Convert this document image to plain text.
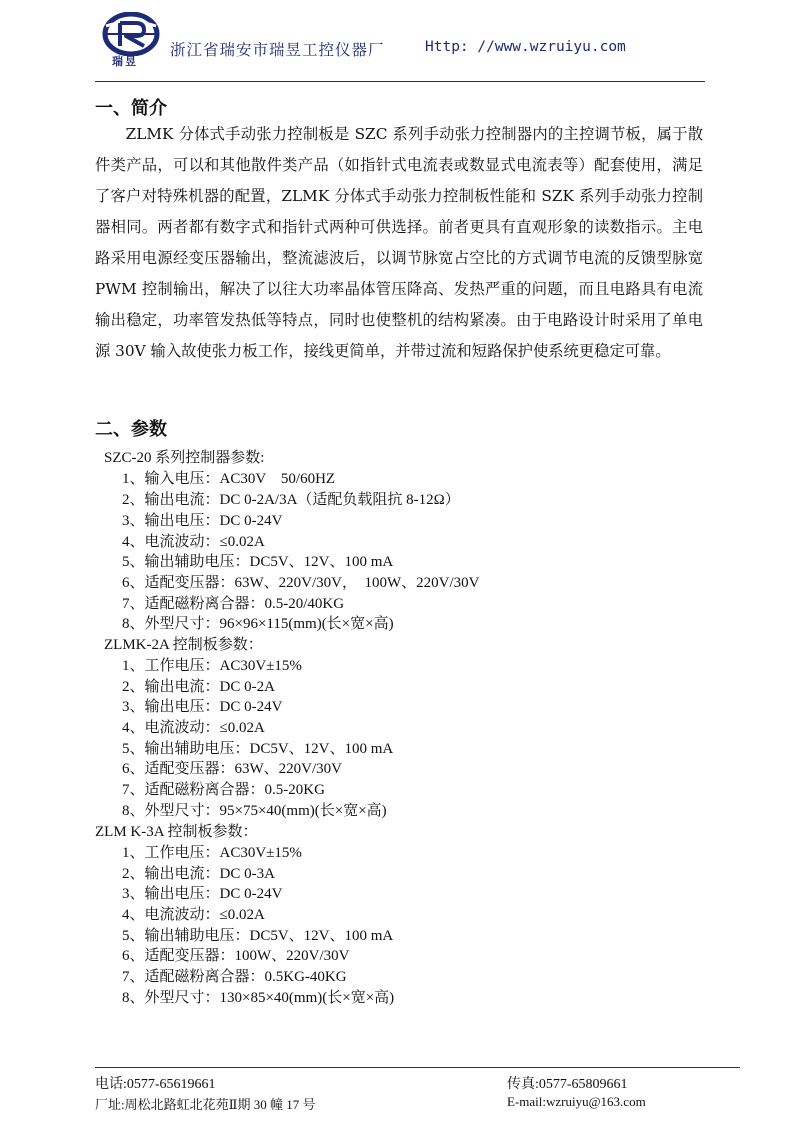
瑞昱
浙江省瑞安市瑞昱工控仪器厂	Http: //www.wzruiyu.com
一、简介
ZLMK 分体式手动张力控制板是 SZC 系列手动张力控制器内的主控调节板，属于散件类产品，可以和其他散件类产品（如指针式电流表或数显式电流表等）配套使用，满足了客户对特殊机器的配置，ZLMK 分体式手动张力控制板性能和 SZK 系列手动张力控制器相同。两者都有数字式和指针式两种可供选择。前者更具有直观形象的读数指示。主电路采用电源经变压器输出，整流滤波后，以调节脉宽占空比的方式调节电流的反馈型脉宽 PWM 控制输出，解决了以往大功率晶体管压降高、发热严重的问题，而且电路具有电流输出稳定，功率管发热低等特点，同时也使整机的结构紧凑。由于电路设计时采用了单电源 30V 输入故使张力板工作，接线更简单，并带过流和短路保护使系统更稳定可靠。
二、参数
SZC-20 系列控制器参数:
1、输入电压：AC30V　50/60HZ
2、输出电流：DC 0-2A/3A（适配负载阻抗 8-12Ω）
3、输出电压：DC 0-24V
4、电流波动：≤0.02A
5、输出辅助电压：DC5V、12V、100 mA
6、适配变压器：63W、220V/30V，　100W、220V/30V
7、适配磁粉离合器：0.5-20/40KG
8、外型尺寸：96×96×115(mm)(长×宽×高)
ZLMK-2A 控制板参数：
1、工作电压：AC30V±15%
2、输出电流：DC 0-2A
3、输出电压：DC 0-24V
4、电流波动：≤0.02A
5、输出辅助电压：DC5V、12V、100 mA
6、适配变压器：63W、220V/30V
7、适配磁粉离合器：0.5-20KG
8、外型尺寸：95×75×40(mm)(长×宽×高)
ZLM K-3A 控制板参数：
1、工作电压：AC30V±15%
2、输出电流：DC 0-3A
3、输出电压：DC 0-24V
4、电流波动：≤0.02A
5、输出辅助电压：DC5V、12V、100 mA
6、适配变压器：100W、220V/30V
7、适配磁粉离合器：0.5KG-40KG
8、外型尺寸：130×85×40(mm)(长×宽×高)
电话:0577-65619661	传真:0577-65809661
厂址:周松北路虹北花苑Ⅱ期 30 幢 17 号	E-mail:wzruiyu@163.com
